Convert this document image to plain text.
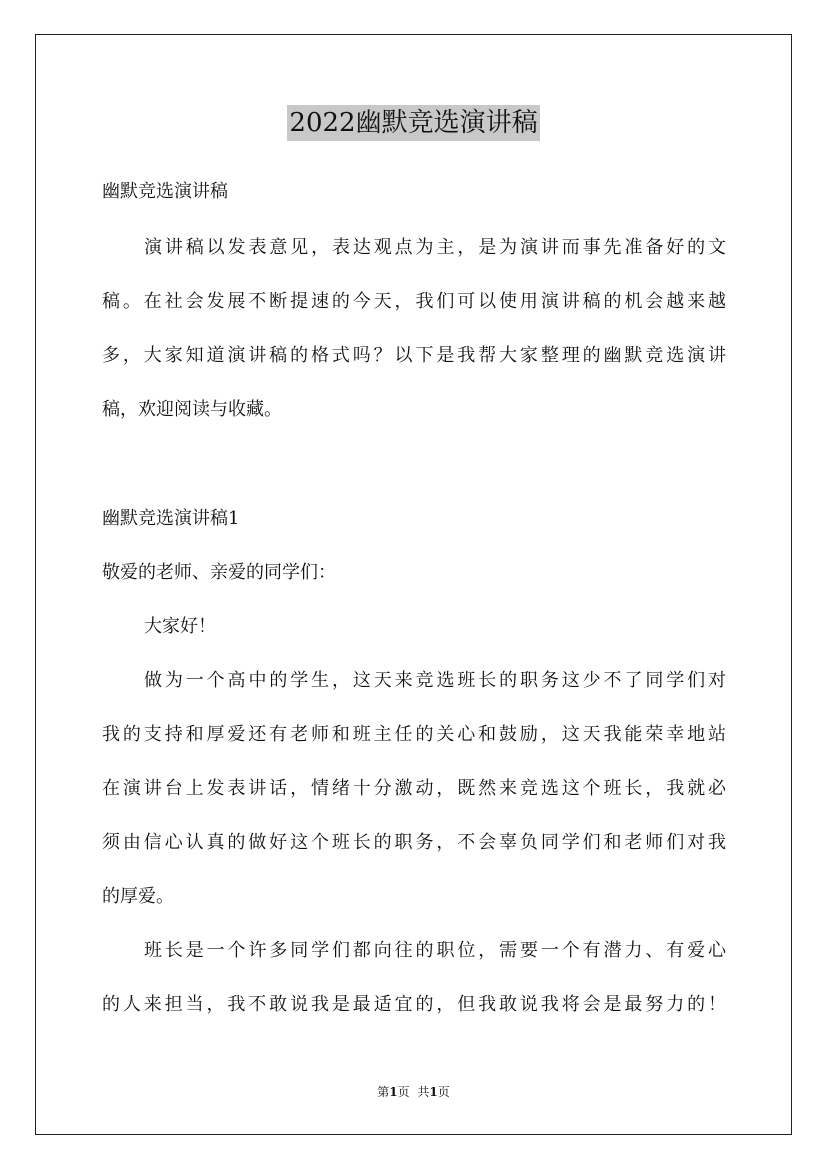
2022幽默竞选演讲稿
幽默竞选演讲稿
演讲稿以发表意见，表达观点为主，是为演讲而事先准备好的文
稿。在社会发展不断提速的今天，我们可以使用演讲稿的机会越来越
多，大家知道演讲稿的格式吗？以下是我帮大家整理的幽默竞选演讲
稿，欢迎阅读与收藏。
幽默竞选演讲稿1
敬爱的老师、亲爱的同学们：
大家好！
做为一个高中的学生，这天来竞选班长的职务这少不了同学们对
我的支持和厚爱还有老师和班主任的关心和鼓励，这天我能荣幸地站
在演讲台上发表讲话，情绪十分激动，既然来竞选这个班长，我就必
须由信心认真的做好这个班长的职务，不会辜负同学们和老师们对我
的厚爱。
班长是一个许多同学们都向往的职位，需要一个有潜力、有爱心
的人来担当，我不敢说我是最适宜的，但我敢说我将会是最努力的！
第1页 共1页
